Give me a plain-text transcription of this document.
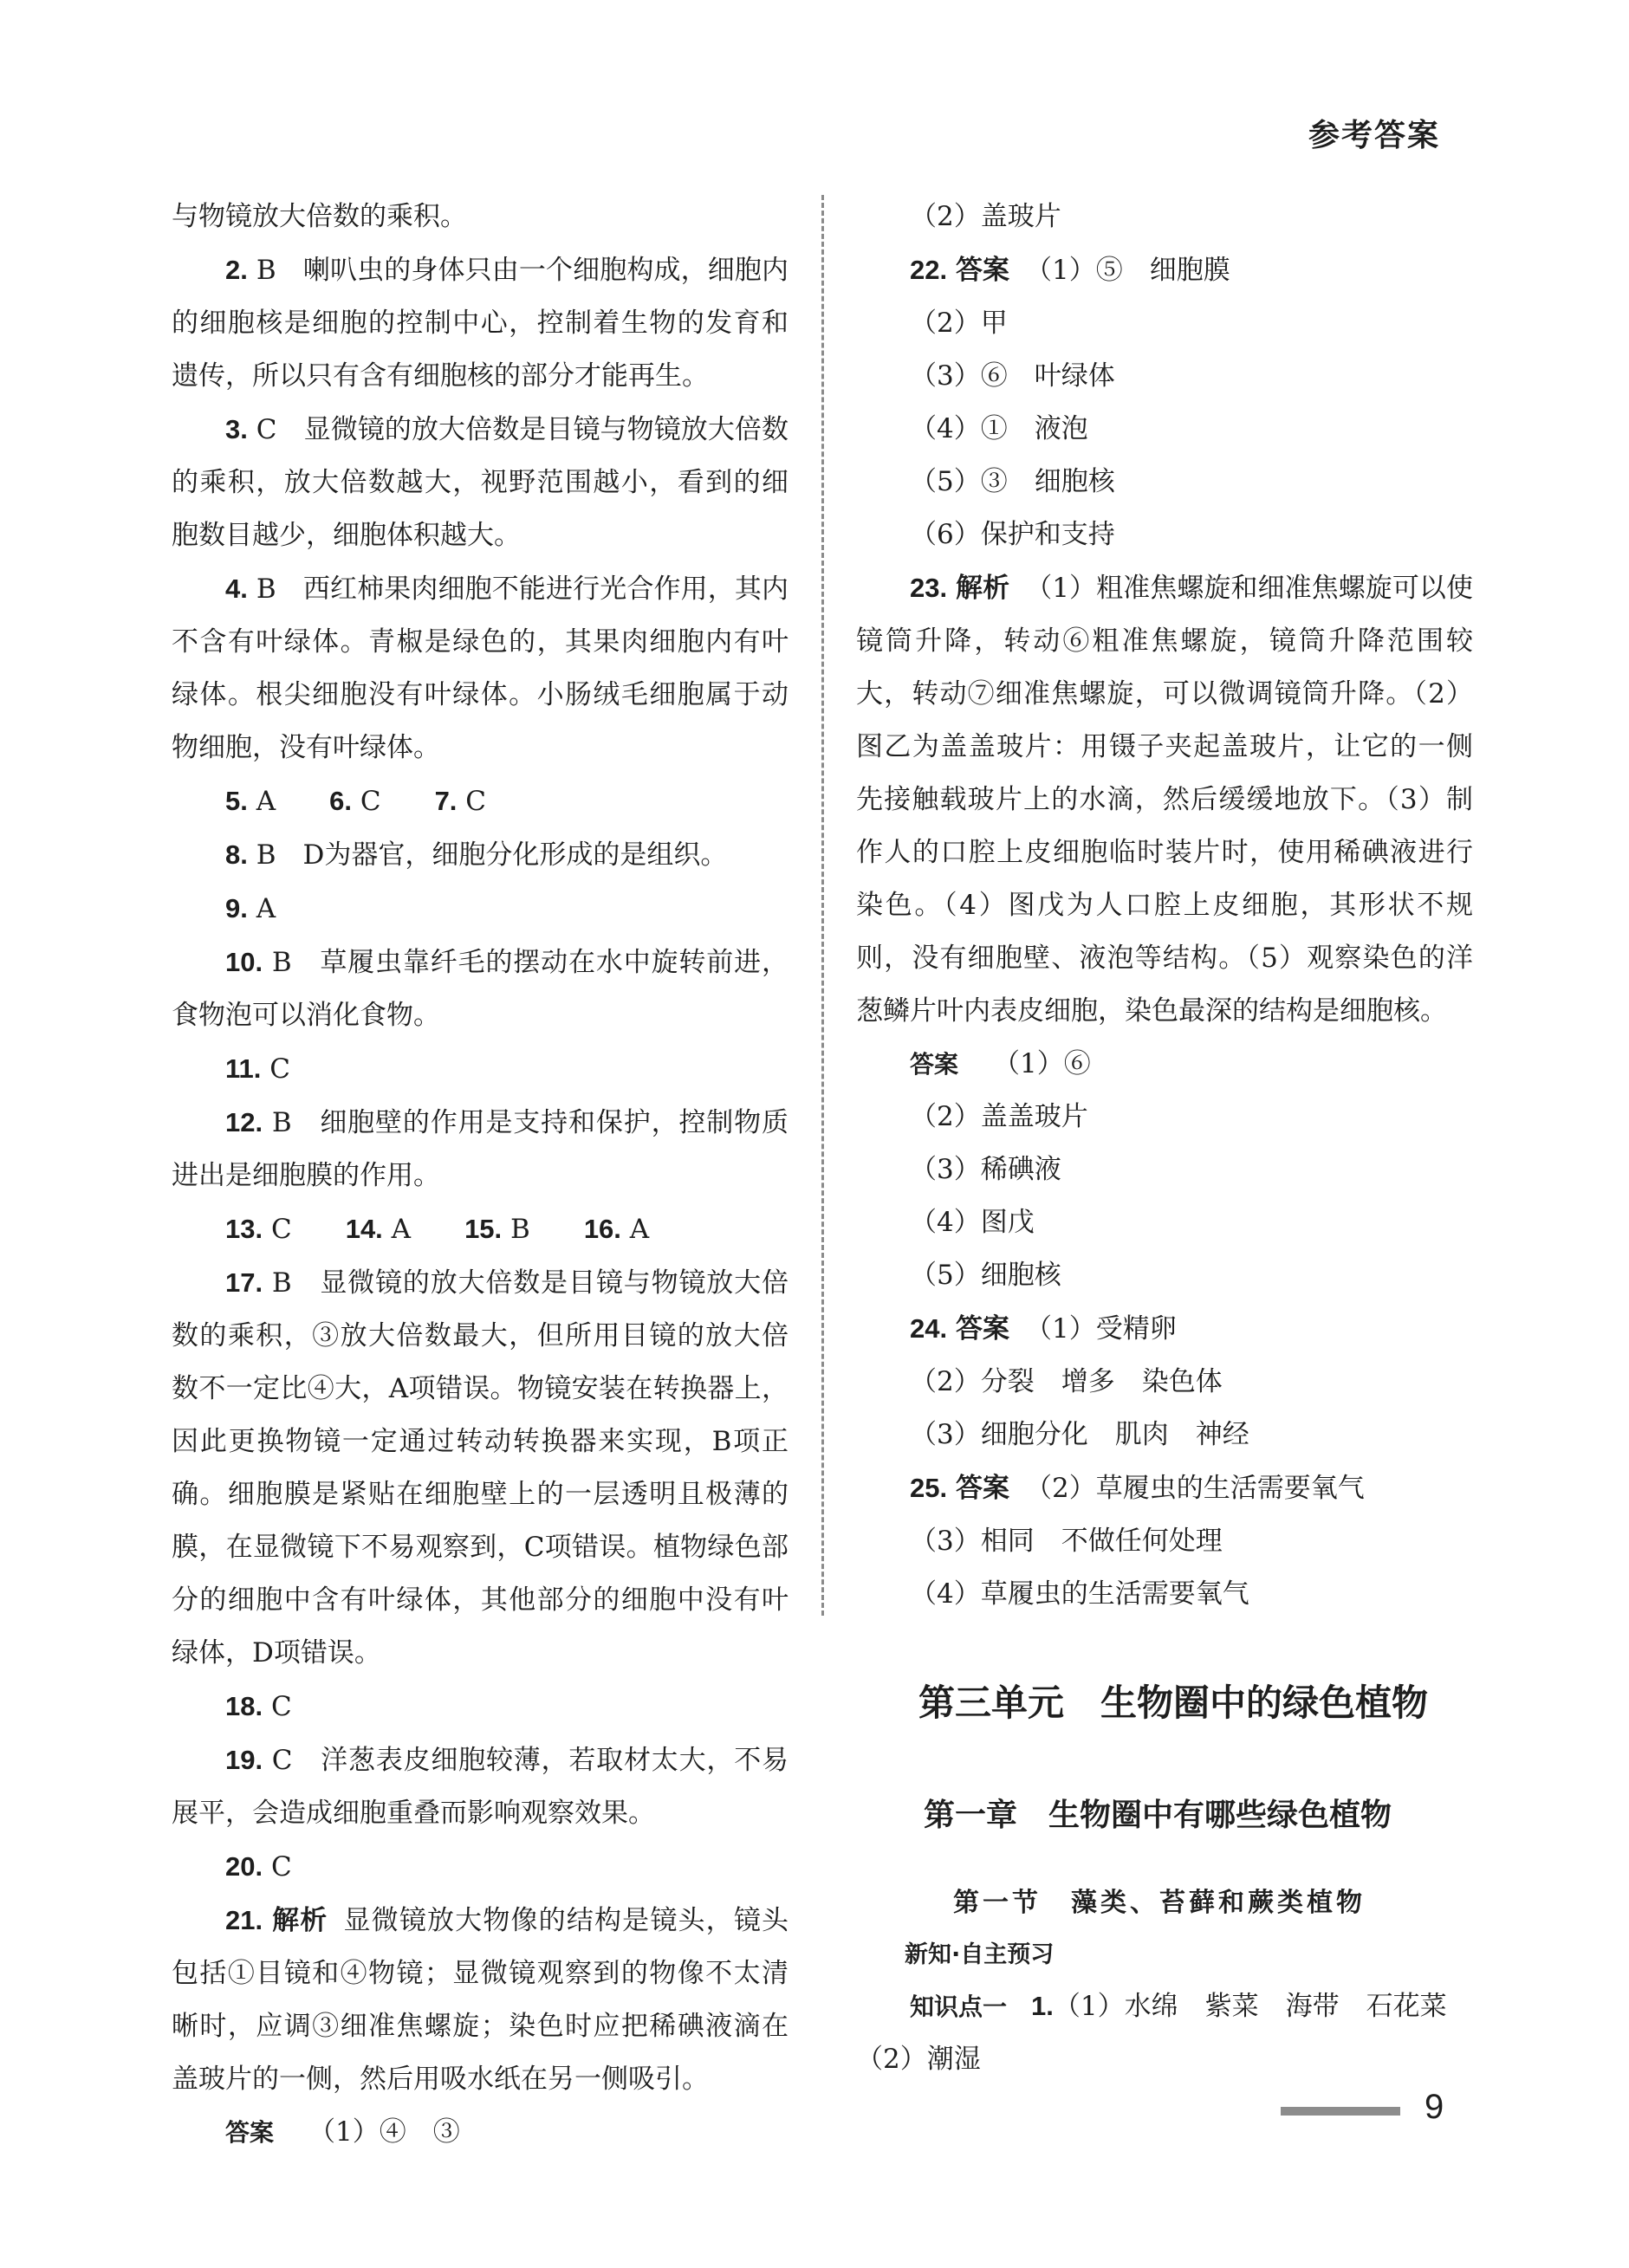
参考答案

与物镜放大倍数的乘积。

2. B　喇叭虫的身体只由一个细胞构成，细胞内的细胞核是细胞的控制中心，控制着生物的发育和遗传，所以只有含有细胞核的部分才能再生。

3. C　显微镜的放大倍数是目镜与物镜放大倍数的乘积，放大倍数越大，视野范围越小，看到的细胞数目越少，细胞体积越大。

4. B　西红柿果肉细胞不能进行光合作用，其内不含有叶绿体。青椒是绿色的，其果肉细胞内有叶绿体。根尖细胞没有叶绿体。小肠绒毛细胞属于动物细胞，没有叶绿体。

5. A　　6. C　　7. C

8. B　D为器官，细胞分化形成的是组织。

9. A

10. B　草履虫靠纤毛的摆动在水中旋转前进，食物泡可以消化食物。

11. C

12. B　细胞壁的作用是支持和保护，控制物质进出是细胞膜的作用。

13. C　　14. A　　15. B　　16. A

17. B　显微镜的放大倍数是目镜与物镜放大倍数的乘积，③放大倍数最大，但所用目镜的放大倍数不一定比④大，A项错误。物镜安装在转换器上，因此更换物镜一定通过转动转换器来实现，B项正确。细胞膜是紧贴在细胞壁上的一层透明且极薄的膜，在显微镜下不易观察到，C项错误。植物绿色部分的细胞中含有叶绿体，其他部分的细胞中没有叶绿体，D项错误。

18. C

19. C　洋葱表皮细胞较薄，若取材太大，不易展平，会造成细胞重叠而影响观察效果。

20. C

21. 解析 显微镜放大物像的结构是镜头，镜头包括①目镜和④物镜；显微镜观察到的物像不太清晰时，应调③细准焦螺旋；染色时应把稀碘液滴在盖玻片的一侧，然后用吸水纸在另一侧吸引。

答案 （1）④　③

（2）盖玻片

22. 答案 （1）⑤　细胞膜

（2）甲

（3）⑥　叶绿体

（4）①　液泡

（5）③　细胞核

（6）保护和支持

23. 解析 （1）粗准焦螺旋和细准焦螺旋可以使镜筒升降，转动⑥粗准焦螺旋，镜筒升降范围较大，转动⑦细准焦螺旋，可以微调镜筒升降。（2）图乙为盖盖玻片：用镊子夹起盖玻片，让它的一侧先接触载玻片上的水滴，然后缓缓地放下。（3）制作人的口腔上皮细胞临时装片时，使用稀碘液进行染色。（4）图戊为人口腔上皮细胞，其形状不规则，没有细胞壁、液泡等结构。（5）观察染色的洋葱鳞片叶内表皮细胞，染色最深的结构是细胞核。

答案 （1）⑥

（2）盖盖玻片

（3）稀碘液

（4）图戊

（5）细胞核

24. 答案 （1）受精卵

（2）分裂　增多　染色体

（3）细胞分化　肌肉　神经

25. 答案 （2）草履虫的生活需要氧气

（3）相同　不做任何处理

（4）草履虫的生活需要氧气

第三单元　生物圈中的绿色植物
第一章　生物圈中有哪些绿色植物
第一节　藻类、苔藓和蕨类植物
新知·自主预习

知识点一 1.（1）水绵　紫菜　海带　石花菜

（2）潮湿

9
